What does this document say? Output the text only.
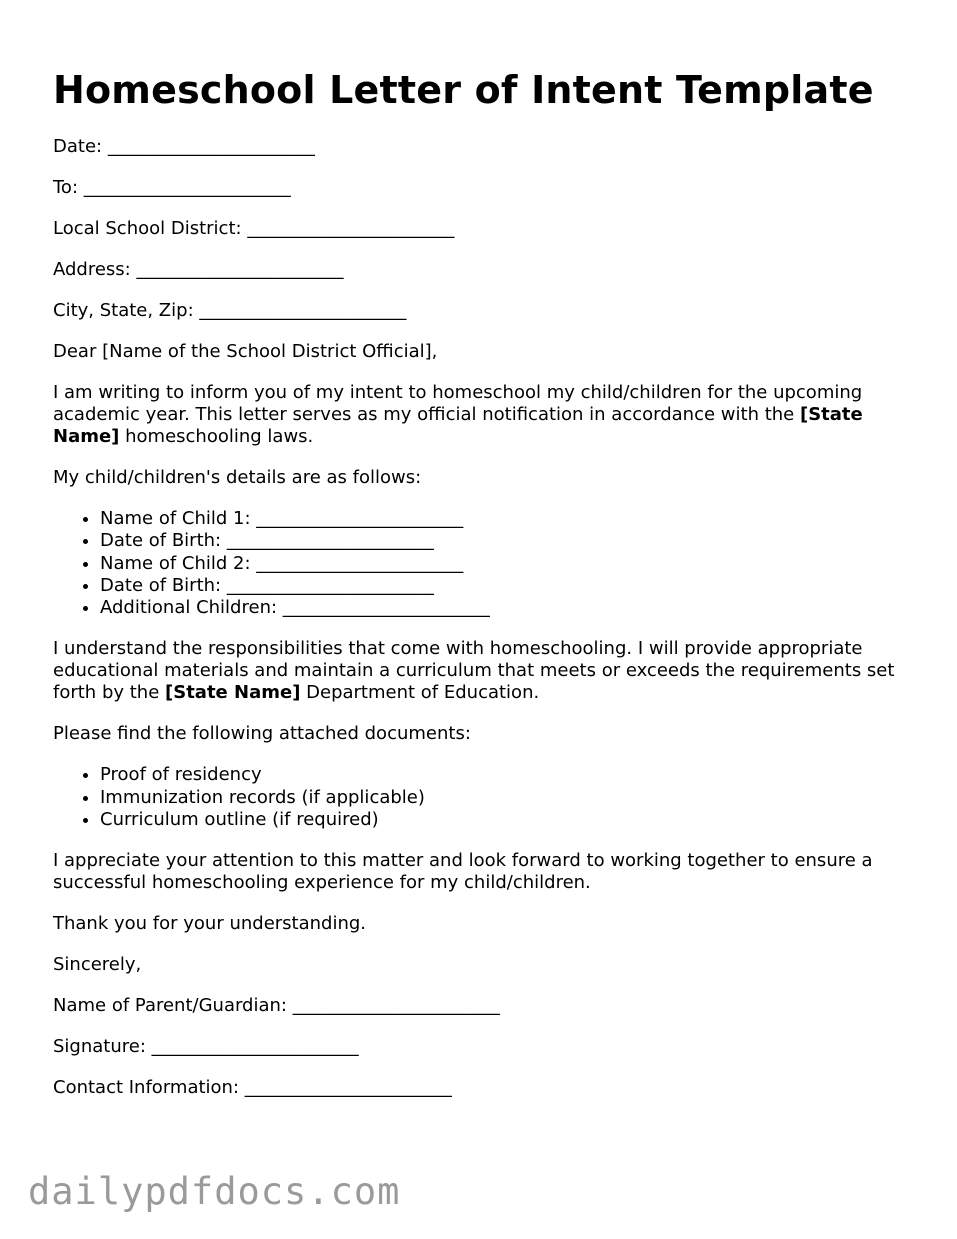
Homeschool Letter of Intent Template

Date: _______________________

To: _______________________

Local School District: _______________________

Address: _______________________

City, State, Zip: _______________________

Dear [Name of the School District Official],

I am writing to inform you of my intent to homeschool my child/children for the upcoming academic year. This letter serves as my official notification in accordance with the [State Name] homeschooling laws.

My child/children's details are as follows:

• Name of Child 1: _______________________
• Date of Birth: _______________________
• Name of Child 2: _______________________
• Date of Birth: _______________________
• Additional Children: _______________________

I understand the responsibilities that come with homeschooling. I will provide appropriate educational materials and maintain a curriculum that meets or exceeds the requirements set forth by the [State Name] Department of Education.

Please find the following attached documents:

• Proof of residency
• Immunization records (if applicable)
• Curriculum outline (if required)

I appreciate your attention to this matter and look forward to working together to ensure a successful homeschooling experience for my child/children.

Thank you for your understanding.

Sincerely,

Name of Parent/Guardian: _______________________

Signature: _______________________

Contact Information: _______________________

dailypdfdocs.com
